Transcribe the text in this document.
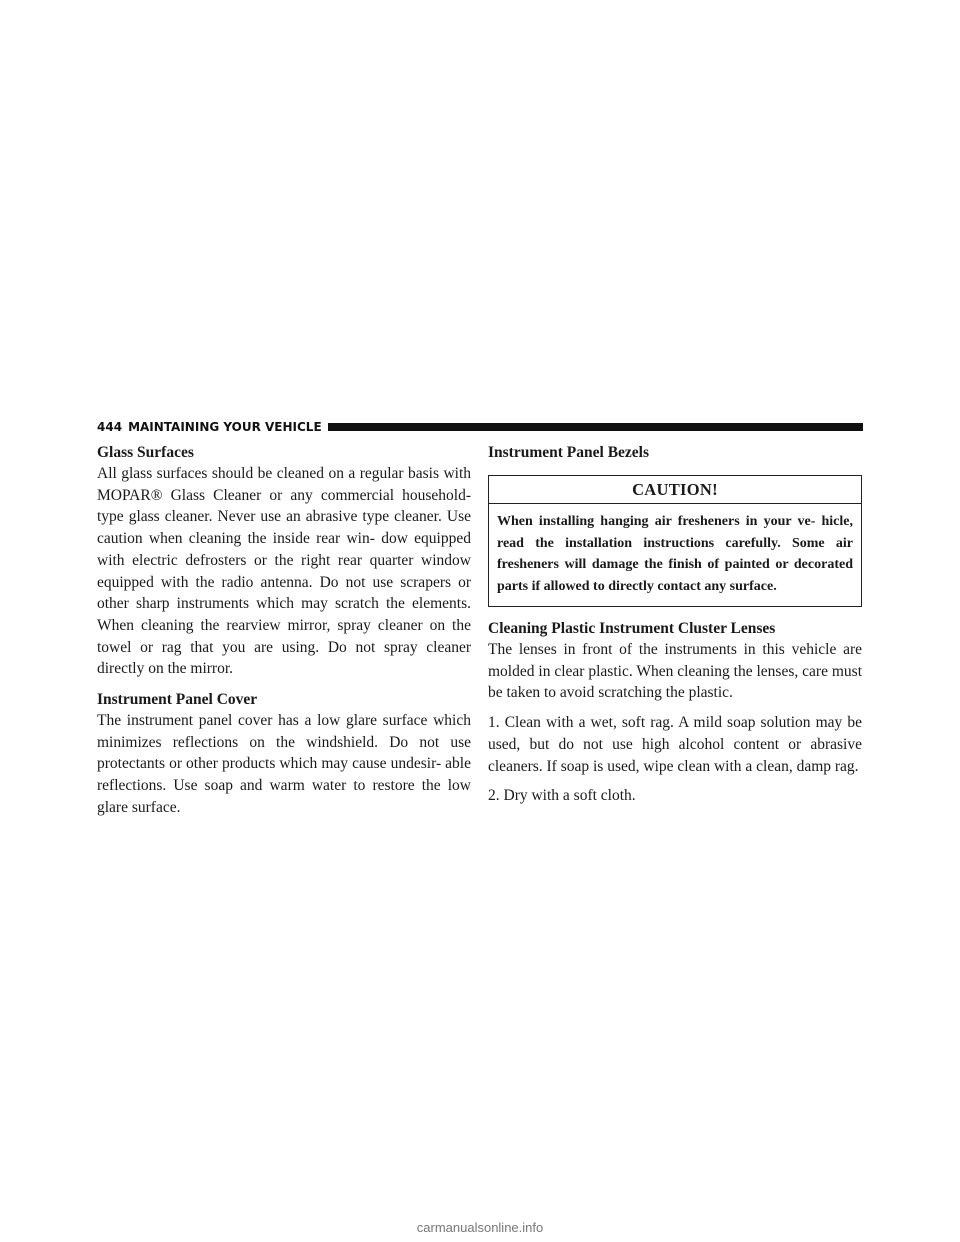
444 MAINTAINING YOUR VEHICLE
Glass Surfaces

All glass surfaces should be cleaned on a regular basis with MOPAR® Glass Cleaner or any commercial household-type glass cleaner. Never use an abrasive type cleaner. Use caution when cleaning the inside rear win- dow equipped with electric defrosters or the right rear quarter window equipped with the radio antenna. Do not use scrapers or other sharp instruments which may scratch the elements. When cleaning the rearview mirror, spray cleaner on the towel or rag that you are using. Do not spray cleaner directly on the mirror.

Instrument Panel Cover

The instrument panel cover has a low glare surface which minimizes reflections on the windshield. Do not use protectants or other products which may cause undesir- able reflections. Use soap and warm water to restore the low glare surface.

Instrument Panel Bezels
CAUTION!
When installing hanging air fresheners in your ve- hicle, read the installation instructions carefully. Some air fresheners will damage the finish of painted or decorated parts if allowed to directly contact any surface.
Cleaning Plastic Instrument Cluster Lenses

The lenses in front of the instruments in this vehicle are molded in clear plastic. When cleaning the lenses, care must be taken to avoid scratching the plastic.

1. Clean with a wet, soft rag. A mild soap solution may be used, but do not use high alcohol content or abrasive cleaners. If soap is used, wipe clean with a clean, damp rag.

2. Dry with a soft cloth.

carmanualsonline.info
